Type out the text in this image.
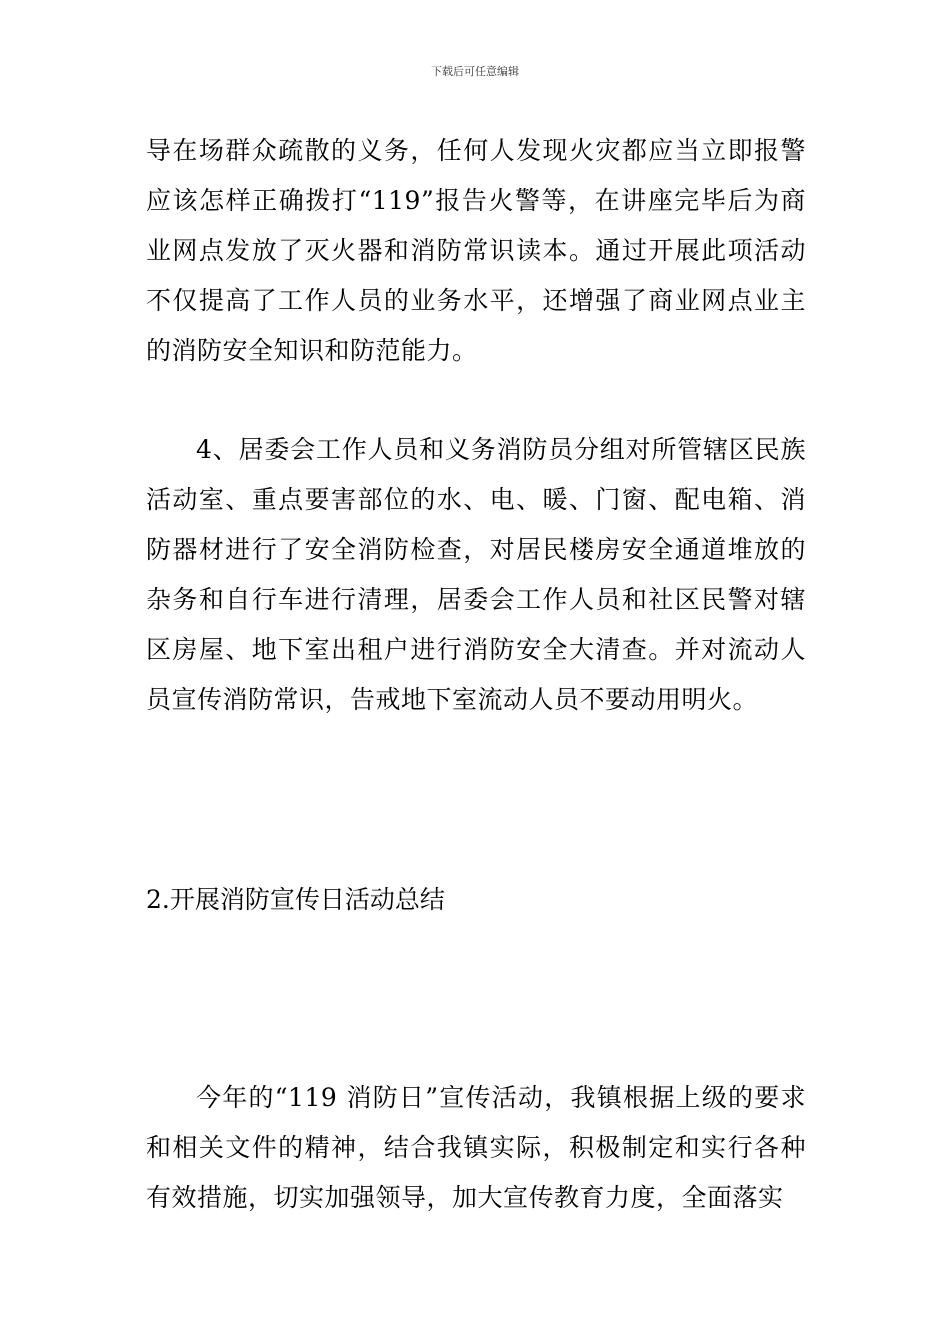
下载后可任意编辑

导在场群众疏散的义务，任何人发现火灾都应当立即报警应该怎样正确拨打“119”报告火警等，在讲座完毕后为商业网点发放了灭火器和消防常识读本。通过开展此项活动不仅提高了工作人员的业务水平，还增强了商业网点业主的消防安全知识和防范能力。

4、居委会工作人员和义务消防员分组对所管辖区民族活动室、重点要害部位的水、电、暖、门窗、配电箱、消防器材进行了安全消防检查，对居民楼房安全通道堆放的杂务和自行车进行清理，居委会工作人员和社区民警对辖区房屋、地下室出租户进行消防安全大清查。并对流动人员宣传消防常识，告戒地下室流动人员不要动用明火。

2.开展消防宣传日活动总结

今年的“119 消防日”宣传活动，我镇根据上级的要求和相关文件的精神，结合我镇实际，积极制定和实行各种有效措施，切实加强领导，加大宣传教育力度，全面落实
